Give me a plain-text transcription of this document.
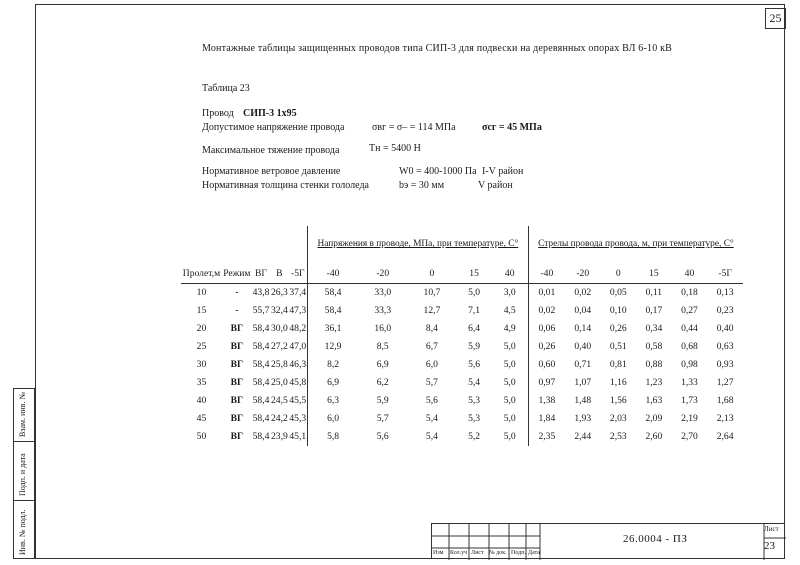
25
Монтажные таблицы защищенных проводов типа СИП-3 для подвески на деревянных опорах ВЛ 6-10 кВ
Таблица 23
Провод СИП-3 1х95
Допустимое напряжение провода	σвг = σ– = 114 МПа	σсг = 45 МПа
Максимальное тяжение провода	Тн = 5400 Н
Нормативное ветровое давление	W0 = 400-1000 Па I-V район
Нормативная толщина стенки гололеда	bэ = 30 мм	V район

					Напряжения в проводе, МПа, при температуре, С°					Стрелы провода провода, м, при температуре, С°					

Пролет,м	Режим	ВГ	В	-5Г	-40	-20	0	15	40	-40	-20	0	15	40	-5Г
10	-	43,8	26,3	37,4	58,4	33,0	10,7	5,0	3,0	0,01	0,02	0,05	0,11	0,18	0,13
15	-	55,7	32,4	47,3	58,4	33,3	12,7	7,1	4,5	0,02	0,04	0,10	0,17	0,27	0,23
20	ВГ	58,4	30,0	48,2	36,1	16,0	8,4	6,4	4,9	0,06	0,14	0,26	0,34	0,44	0,40
25	ВГ	58,4	27,2	47,0	12,9	8,5	6,7	5,9	5,0	0,26	0,40	0,51	0,58	0,68	0,63
30	ВГ	58,4	25,8	46,3	8,2	6,9	6,0	5,6	5,0	0,60	0,71	0,81	0,88	0,98	0,93
35	ВГ	58,4	25,0	45,8	6,9	6,2	5,7	5,4	5,0	0,97	1,07	1,16	1,23	1,33	1,27
40	ВГ	58,4	24,5	45,5	6,3	5,9	5,6	5,3	5,0	1,38	1,48	1,56	1,63	1,73	1,68
45	ВГ	58,4	24,2	45,3	6,0	5,7	5,4	5,3	5,0	1,84	1,93	2,03	2,09	2,19	2,13
50	ВГ	58,4	23,9	45,1	5,8	5,6	5,4	5,2	5,0	2,35	2,44	2,53	2,60	2,70	2,64

Взам. инв. №
Подп. и дата
Инв. № подл.	Изм Кол.уч Лист № док. Подп. Дата
26.0004 - ПЗ
Лист
23
